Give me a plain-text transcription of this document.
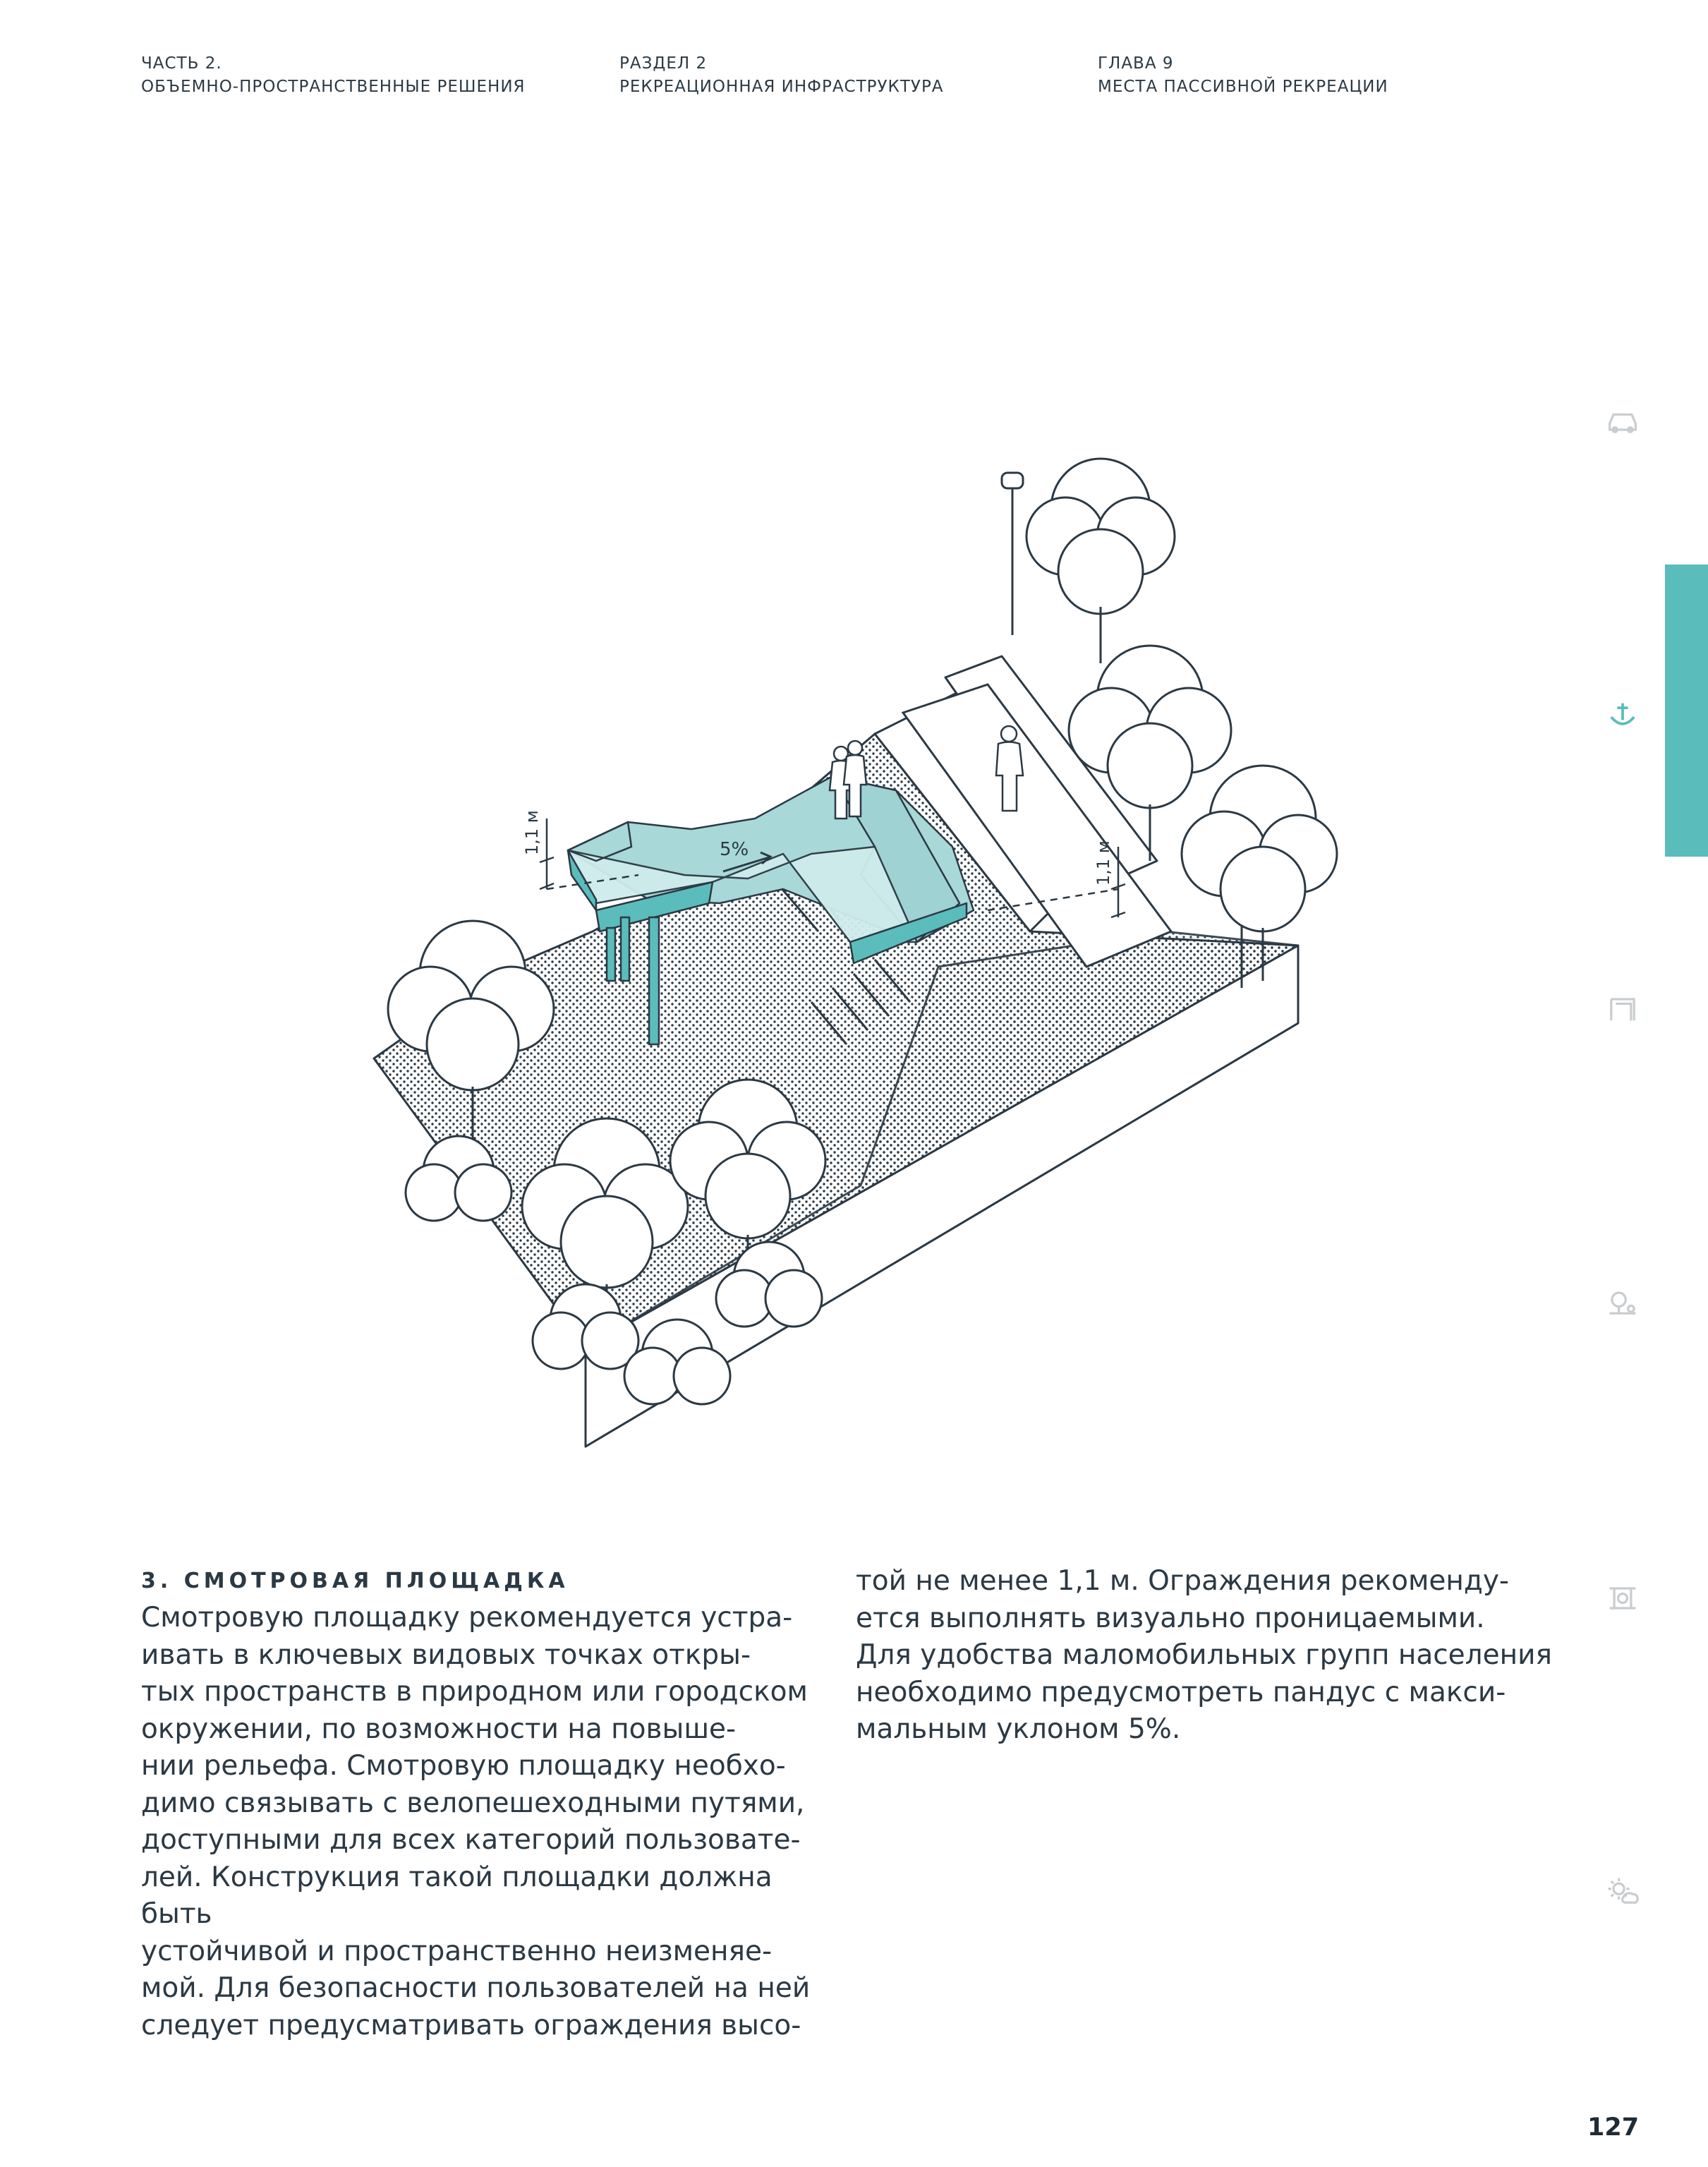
ЧАСТЬ 2.
ОБЪЕМНО-ПРОСТРАНСТВЕННЫЕ РЕШЕНИЯ
РАЗДЕЛ 2
РЕКРЕАЦИОННАЯ ИНФРАСТРУКТУРА
ГЛАВА 9
МЕСТА ПАССИВНОЙ РЕКРЕАЦИИ
5%
1,1 м
1,1 м
3. СМОТРОВАЯ ПЛОЩАДКА

Смотровую площадку рекомендуется устра-
ивать в ключевых видовых точках откры-
тых пространств в природном или городском
окружении, по возможности на повыше-
нии рельефа. Смотровую площадку необхо-
димо связывать с велопешеходными путями,
доступными для всех категорий пользовате-
лей. Конструкция такой площадки должна быть
устойчивой и пространственно неизменяе-
мой. Для безопасности пользователей на ней
следует предусматривать ограждения высо-

той не менее 1,1 м. Ограждения рекоменду-
ется выполнять визуально проницаемыми.
Для удобства маломобильных групп населения
необходимо предусмотреть пандус с макси-
мальным уклоном 5%.

127
